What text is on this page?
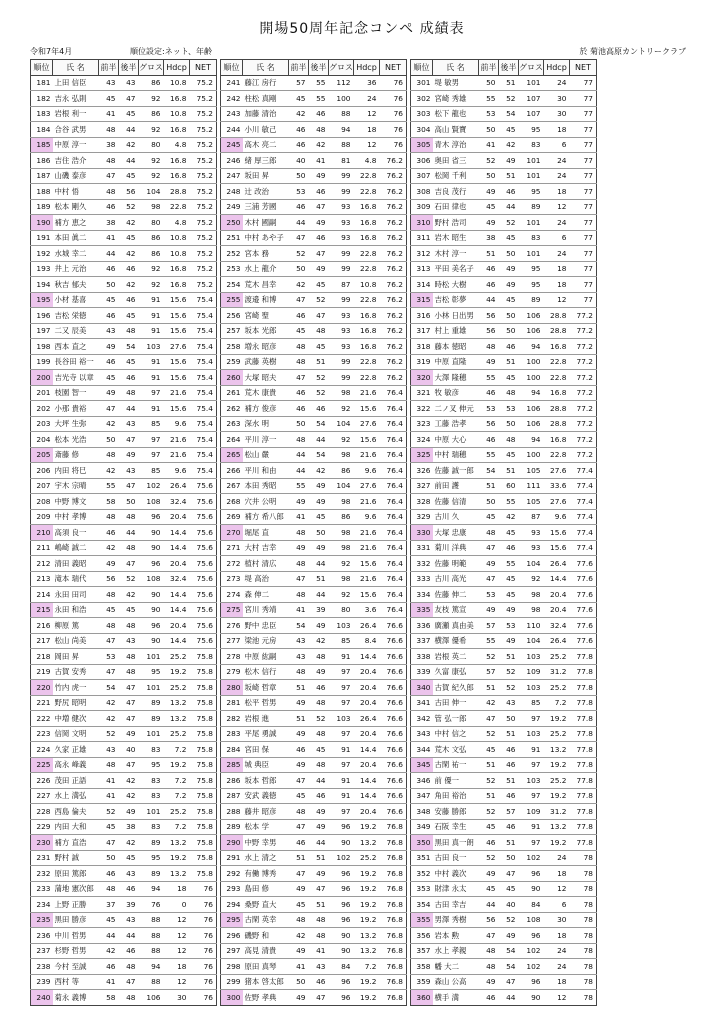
開場50周年記念コンペ 成績表
令和7年4月	順位設定:ネット、年齢	於 菊池高原カントリークラブ
順位	氏 名	前半	後半	グロス	Hdcp	NET
181	上田 信臣	43	43	86	10.8	75.2
182	吉永 弘則	45	47	92	16.8	75.2
183	岩根 利一	41	45	86	10.8	75.2
184	合谷 武男	48	44	92	16.8	75.2
185	中原 淳一	38	42	80	4.8	75.2
186	吉住 浩介	48	44	92	16.8	75.2
187	山磯 泰彦	47	45	92	16.8	75.2
188	中村 悟	48	56	104	28.8	75.2
189	松本 剛久	46	52	98	22.8	75.2
190	補方 恵之	38	42	80	4.8	75.2
191	本田 眞二	41	45	86	10.8	75.2
192	水城 幸二	44	42	86	10.8	75.2
193	井上 元治	46	46	92	16.8	75.2
194	秋吉 郁夫	50	42	92	16.8	75.2
195	小材 基喜	45	46	91	15.6	75.4
196	吉松 栄徳	46	45	91	15.6	75.4
197	二又 辰美	43	48	91	15.6	75.4
198	西本 直之	49	54	103	27.6	75.4
199	長谷田 裕一	46	45	91	15.6	75.4
200	吉光寺 以章	45	46	91	15.6	75.4
201	枝園 智一	49	48	97	21.6	75.4
202	小那 貴裕	47	44	91	15.6	75.4
203	大坪 生弥	42	43	85	9.6	75.4
204	松本 光浩	50	47	97	21.6	75.4
205	斎藤 修	48	49	97	21.6	75.4
206	内田 将巳	42	43	85	9.6	75.4
207	宇木 宗晴	55	47	102	26.4	75.6
208	中野 博文	58	50	108	32.4	75.6
209	中村 孝博	48	48	96	20.4	75.6
210	高須 良一	46	44	90	14.4	75.6
211	嶋崎 誠二	42	48	90	14.4	75.6
212	清田 義昭	49	47	96	20.4	75.6
213	滝本 瑞代	56	52	108	32.4	75.6
214	永田 田司	48	42	90	14.4	75.6
215	永田 和浩	45	45	90	14.4	75.6
216	柳原 篤	48	48	96	20.4	75.6
217	松山 尚美	47	43	90	14.4	75.6
218	岡田 昇	53	48	101	25.2	75.8
219	古賀 安秀	47	48	95	19.2	75.8
220	竹内 虎一	54	47	101	25.2	75.8
221	野尻 昭明	42	47	89	13.2	75.8
222	中増 健次	42	47	89	13.2	75.8
223	信岡 文明	52	49	101	25.2	75.8
224	久家 正雄	43	40	83	7.2	75.8
225	高永 峰義	48	47	95	19.2	75.8
226	茂田 正語	41	42	83	7.2	75.8
227	水上 満弘	41	42	83	7.2	75.8
228	西島 倫夫	52	49	101	25.2	75.8
229	内田 大和	45	38	83	7.2	75.8
230	補方 直浩	47	42	89	13.2	75.8
231	野村 誠	50	45	95	19.2	75.8
232	原田 篤郎	46	43	89	13.2	75.8
233	蒲地 憲次郎	48	46	94	18	76
234	上野 正勝	37	39	76	0	76
235	黒田 勝彦	45	43	88	12	76
236	中川 哲男	44	44	88	12	76
237	杉野 哲男	42	46	88	12	76
238	今村 至誠	46	48	94	18	76
239	西村 等	41	47	88	12	76
240	菊永 義博	58	48	106	30	76
順位	氏 名	前半	後半	グロス	Hdcp	NET
241	藤江 房行	57	55	112	36	76
242	柱松 真剛	45	55	100	24	76
243	加藤 清治	42	46	88	12	76
244	小川 敏己	46	48	94	18	76
245	高木 亮二	46	42	88	12	76
246	緒 厚三郎	40	41	81	4.8	76.2
247	坂田 昇	50	49	99	22.8	76.2
248	辻 改治	53	46	99	22.8	76.2
249	三浦 芳國	46	47	93	16.8	76.2
250	木村 國嗣	44	49	93	16.8	76.2
251	中村 あや子	47	46	93	16.8	76.2
252	宮本 務	52	47	99	22.8	76.2
253	水上 龍介	50	49	99	22.8	76.2
254	荒木 昌幸	42	45	87	10.8	76.2
255	渡邉 和博	47	52	99	22.8	76.2
256	宮崎 聖	46	47	93	16.8	76.2
257	坂本 光郎	45	48	93	16.8	76.2
258	増永 昭彦	48	45	93	16.8	76.2
259	武藤 英樹	48	51	99	22.8	76.2
260	大塚 昭夫	47	52	99	22.8	76.2
261	荒木 康貴	46	52	98	21.6	76.4
262	補方 俊彦	46	46	92	15.6	76.4
263	深水 明	50	54	104	27.6	76.4
264	平川 淳一	48	44	92	15.6	76.4
265	松山 嚴	44	54	98	21.6	76.4
266	平川 和由	44	42	86	9.6	76.4
267	本田 秀昭	55	49	104	27.6	76.4
268	穴井 公明	49	49	98	21.6	76.4
269	補方 希八郎	41	45	86	9.6	76.4
270	堀尾 直	48	50	98	21.6	76.4
271	大村 吉幸	49	49	98	21.6	76.4
272	植村 清広	48	44	92	15.6	76.4
273	堤 高治	47	51	98	21.6	76.4
274	森 伸二	48	44	92	15.6	76.4
275	宮川 秀靖	41	39	80	3.6	76.4
276	野中 忠臣	54	49	103	26.4	76.6
277	梁池 元房	43	42	85	8.4	76.6
278	中原 紘嗣	43	48	91	14.4	76.6
279	松木 信行	48	49	97	20.4	76.6
280	坂崎 哲章	51	46	97	20.4	76.6
281	松平 哲男	49	48	97	20.4	76.6
282	岩根 進	51	52	103	26.4	76.6
283	平尾 勇誠	49	48	97	20.4	76.6
284	宮田 保	46	45	91	14.4	76.6
285	城 典臣	49	48	97	20.4	76.6
286	坂本 哲郎	47	44	91	14.4	76.6
287	安武 義徳	45	46	91	14.4	76.6
288	藤井 昭彦	48	49	97	20.4	76.6
289	松本 学	47	49	96	19.2	76.8
290	中野 幸男	46	44	90	13.2	76.8
291	水上 清之	51	51	102	25.2	76.8
292	有働 博秀	47	49	96	19.2	76.8
293	島田 修	49	47	96	19.2	76.8
294	桑野 直大	45	51	96	19.2	76.8
295	古閑 英幸	48	48	96	19.2	76.8
296	磯野 和	42	48	90	13.2	76.8
297	高見 清貴	49	41	90	13.2	76.8
298	原田 真琴	41	43	84	7.2	76.8
299	猪本 啓太郎	50	46	96	19.2	76.8
300	佐野 孝典	49	47	96	19.2	76.8
順位	氏 名	前半	後半	グロス	Hdcp	NET
301	堤 敏男	50	51	101	24	77
302	宮崎 秀雄	55	52	107	30	77
303	松下 龍也	53	54	107	30	77
304	高山 賢寶	50	45	95	18	77
305	青木 淳治	41	42	83	6	77
306	奥田 省三	52	49	101	24	77
307	松岡 千利	50	51	101	24	77
308	吉良 茂行	49	46	95	18	77
309	石田 律也	45	44	89	12	77
310	野村 浩司	49	52	101	24	77
311	岩木 昭生	38	45	83	6	77
312	木村 淳一	51	50	101	24	77
313	平田 美名子	46	49	95	18	77
314	時松 大樹	46	49	95	18	77
315	吉松 彰夢	44	45	89	12	77
316	小林 日出男	56	50	106	28.8	77.2
317	村上 重雄	56	50	106	28.8	77.2
318	藤本 徳昭	48	46	94	16.8	77.2
319	中原 直隆	49	51	100	22.8	77.2
320	大澤 隆穂	55	45	100	22.8	77.2
321	牧 敏彦	46	48	94	16.8	77.2
322	二ノ叉 伸元	53	53	106	28.8	77.2
323	工藤 浩孝	56	50	106	28.8	77.2
324	中原 大心	46	48	94	16.8	77.2
325	中村 瑞穂	55	45	100	22.8	77.2
326	佐藤 誠一郎	54	51	105	27.6	77.4
327	前田 護	51	60	111	33.6	77.4
328	佐藤 信清	50	55	105	27.6	77.4
329	古川 久	45	42	87	9.6	77.4
330	大塚 忠康	48	45	93	15.6	77.4
331	菊川 洋典	47	46	93	15.6	77.4
332	佐藤 明範	49	55	104	26.4	77.6
333	古川 高光	47	45	92	14.4	77.6
334	佐藤 伸二	53	45	98	20.4	77.6
335	友枝 篤宣	49	49	98	20.4	77.6
336	廣瀬 真由美	57	53	110	32.4	77.6
337	横澤 優希	55	49	104	26.4	77.6
338	岩根 英二	52	51	103	25.2	77.8
339	久富 康弘	57	52	109	31.2	77.8
340	古賀 紀久郎	51	52	103	25.2	77.8
341	古田 伸一	42	43	85	7.2	77.8
342	管 弘一郎	47	50	97	19.2	77.8
343	中村 信之	52	51	103	25.2	77.8
344	荒木 文弘	45	46	91	13.2	77.8
345	古閑 祐一	51	46	97	19.2	77.8
346	前 優一	52	51	103	25.2	77.8
347	角田 裕治	51	46	97	19.2	77.8
348	安藤 勝郎	52	57	109	31.2	77.8
349	石阪 幸生	45	46	91	13.2	77.8
350	黒田 真一朗	46	51	97	19.2	77.8
351	古田 良一	52	50	102	24	78
352	中村 義次	49	47	96	18	78
353	財津 永太	45	45	90	12	78
354	古田 幸吉	44	40	84	6	78
355	男澤 秀樹	56	52	108	30	78
356	岩本 勲	47	49	96	18	78
357	水上 孝親	48	54	102	24	78
358	幡 大二	48	54	102	24	78
359	森山 公高	49	47	96	18	78
360	横手 満	46	44	90	12	78
